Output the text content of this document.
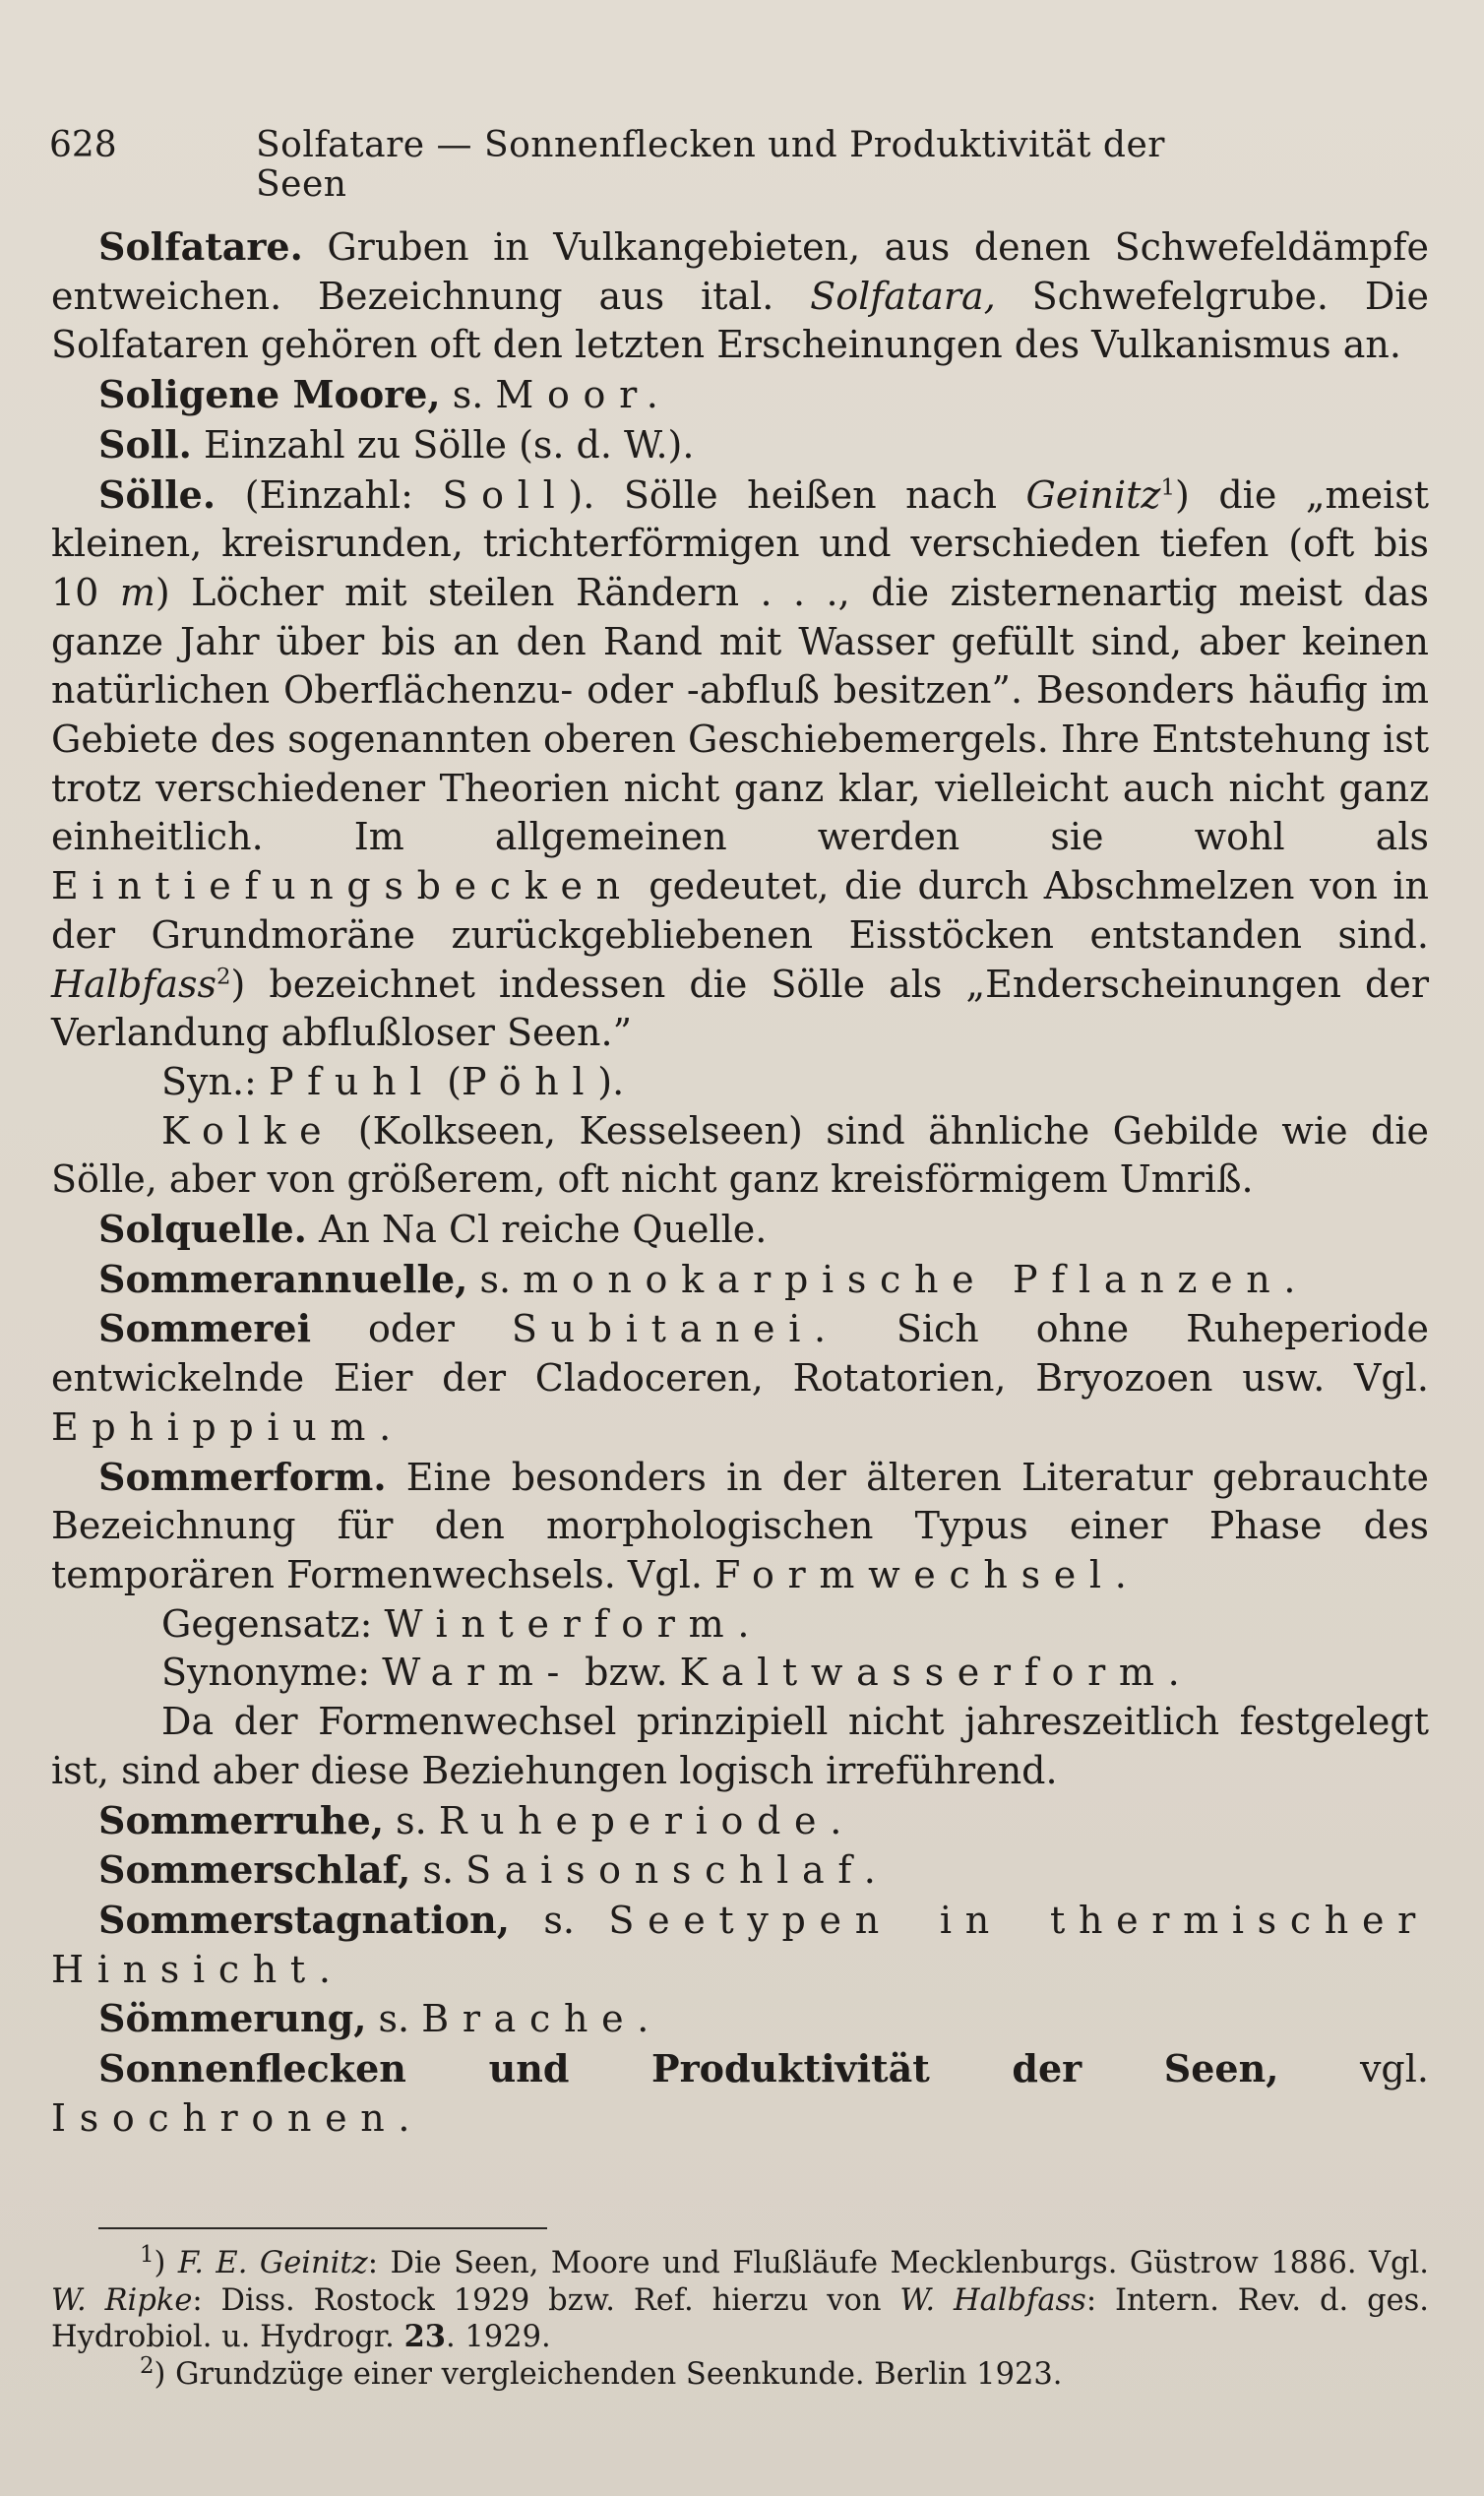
628	Solfatare — Sonnenflecken und Produktivität der Seen

Solfatare. Gruben in Vulkangebieten, aus denen Schwefeldämpfe entweichen. Bezeichnung aus ital. Solfatara, Schwefelgrube. Die Solfataren gehören oft den letzten Erscheinungen des Vulkanismus an.

Soligene Moore, s. Moor.

Soll. Einzahl zu Sölle (s. d. W.).

Sölle. (Einzahl: Soll). Sölle heißen nach Geinitz$^1$) die „meist kleinen, kreisrunden, trichterförmigen und verschieden tiefen (oft bis 10 m) Löcher mit steilen Rändern . . ., die zisternenartig meist das ganze Jahr über bis an den Rand mit Wasser gefüllt sind, aber keinen natürlichen Oberflächenzu- oder -abfluß besitzen”. Besonders häufig im Gebiete des sogenannten oberen Geschiebemergels. Ihre Entstehung ist trotz verschiedener Theorien nicht ganz klar, vielleicht auch nicht ganz einheitlich. Im allgemeinen werden sie wohl als Eintiefungsbecken gedeutet, die durch Abschmelzen von in der Grundmoräne zurückgebliebenen Eisstöcken entstanden sind. Halbfass$^2$) bezeichnet indessen die Sölle als „Enderscheinungen der Verlandung abflußloser Seen.”

Syn.: Pfuhl (Pöhl).

Kolke (Kolkseen, Kesselseen) sind ähnliche Gebilde wie die Sölle, aber von größerem, oft nicht ganz kreisförmigem Umriß.

Solquelle. An Na Cl reiche Quelle.

Sommerannuelle, s. monokarpische Pflanzen.

Sommerei oder Subitanei. Sich ohne Ruheperiode entwickelnde Eier der Cladoceren, Rotatorien, Bryozoen usw. Vgl. Ephippium.

Sommerform. Eine besonders in der älteren Literatur gebrauchte Bezeichnung für den morphologischen Typus einer Phase des temporären Formenwechsels. Vgl. Formwechsel.

Gegensatz: Winterform.

Synonyme: Warm- bzw. Kaltwasserform.

Da der Formenwechsel prinzipiell nicht jahreszeitlich festgelegt ist, sind aber diese Beziehungen logisch irreführend.

Sommerruhe, s. Ruheperiode.

Sommerschlaf, s. Saisonschlaf.

Sommerstagnation, s. Seetypen in thermischer Hinsicht.

Sömmerung, s. Brache.

Sonnenflecken und Produktivität der Seen, vgl. Isochronen.

$^1$) F. E. Geinitz: Die Seen, Moore und Flußläufe Mecklenburgs. Güstrow 1886. Vgl. W. Ripke: Diss. Rostock 1929 bzw. Ref. hierzu von W. Halbfass: Intern. Rev. d. ges. Hydrobiol. u. Hydrogr. 23. 1929.

$^2$) Grundzüge einer vergleichenden Seenkunde. Berlin 1923.
